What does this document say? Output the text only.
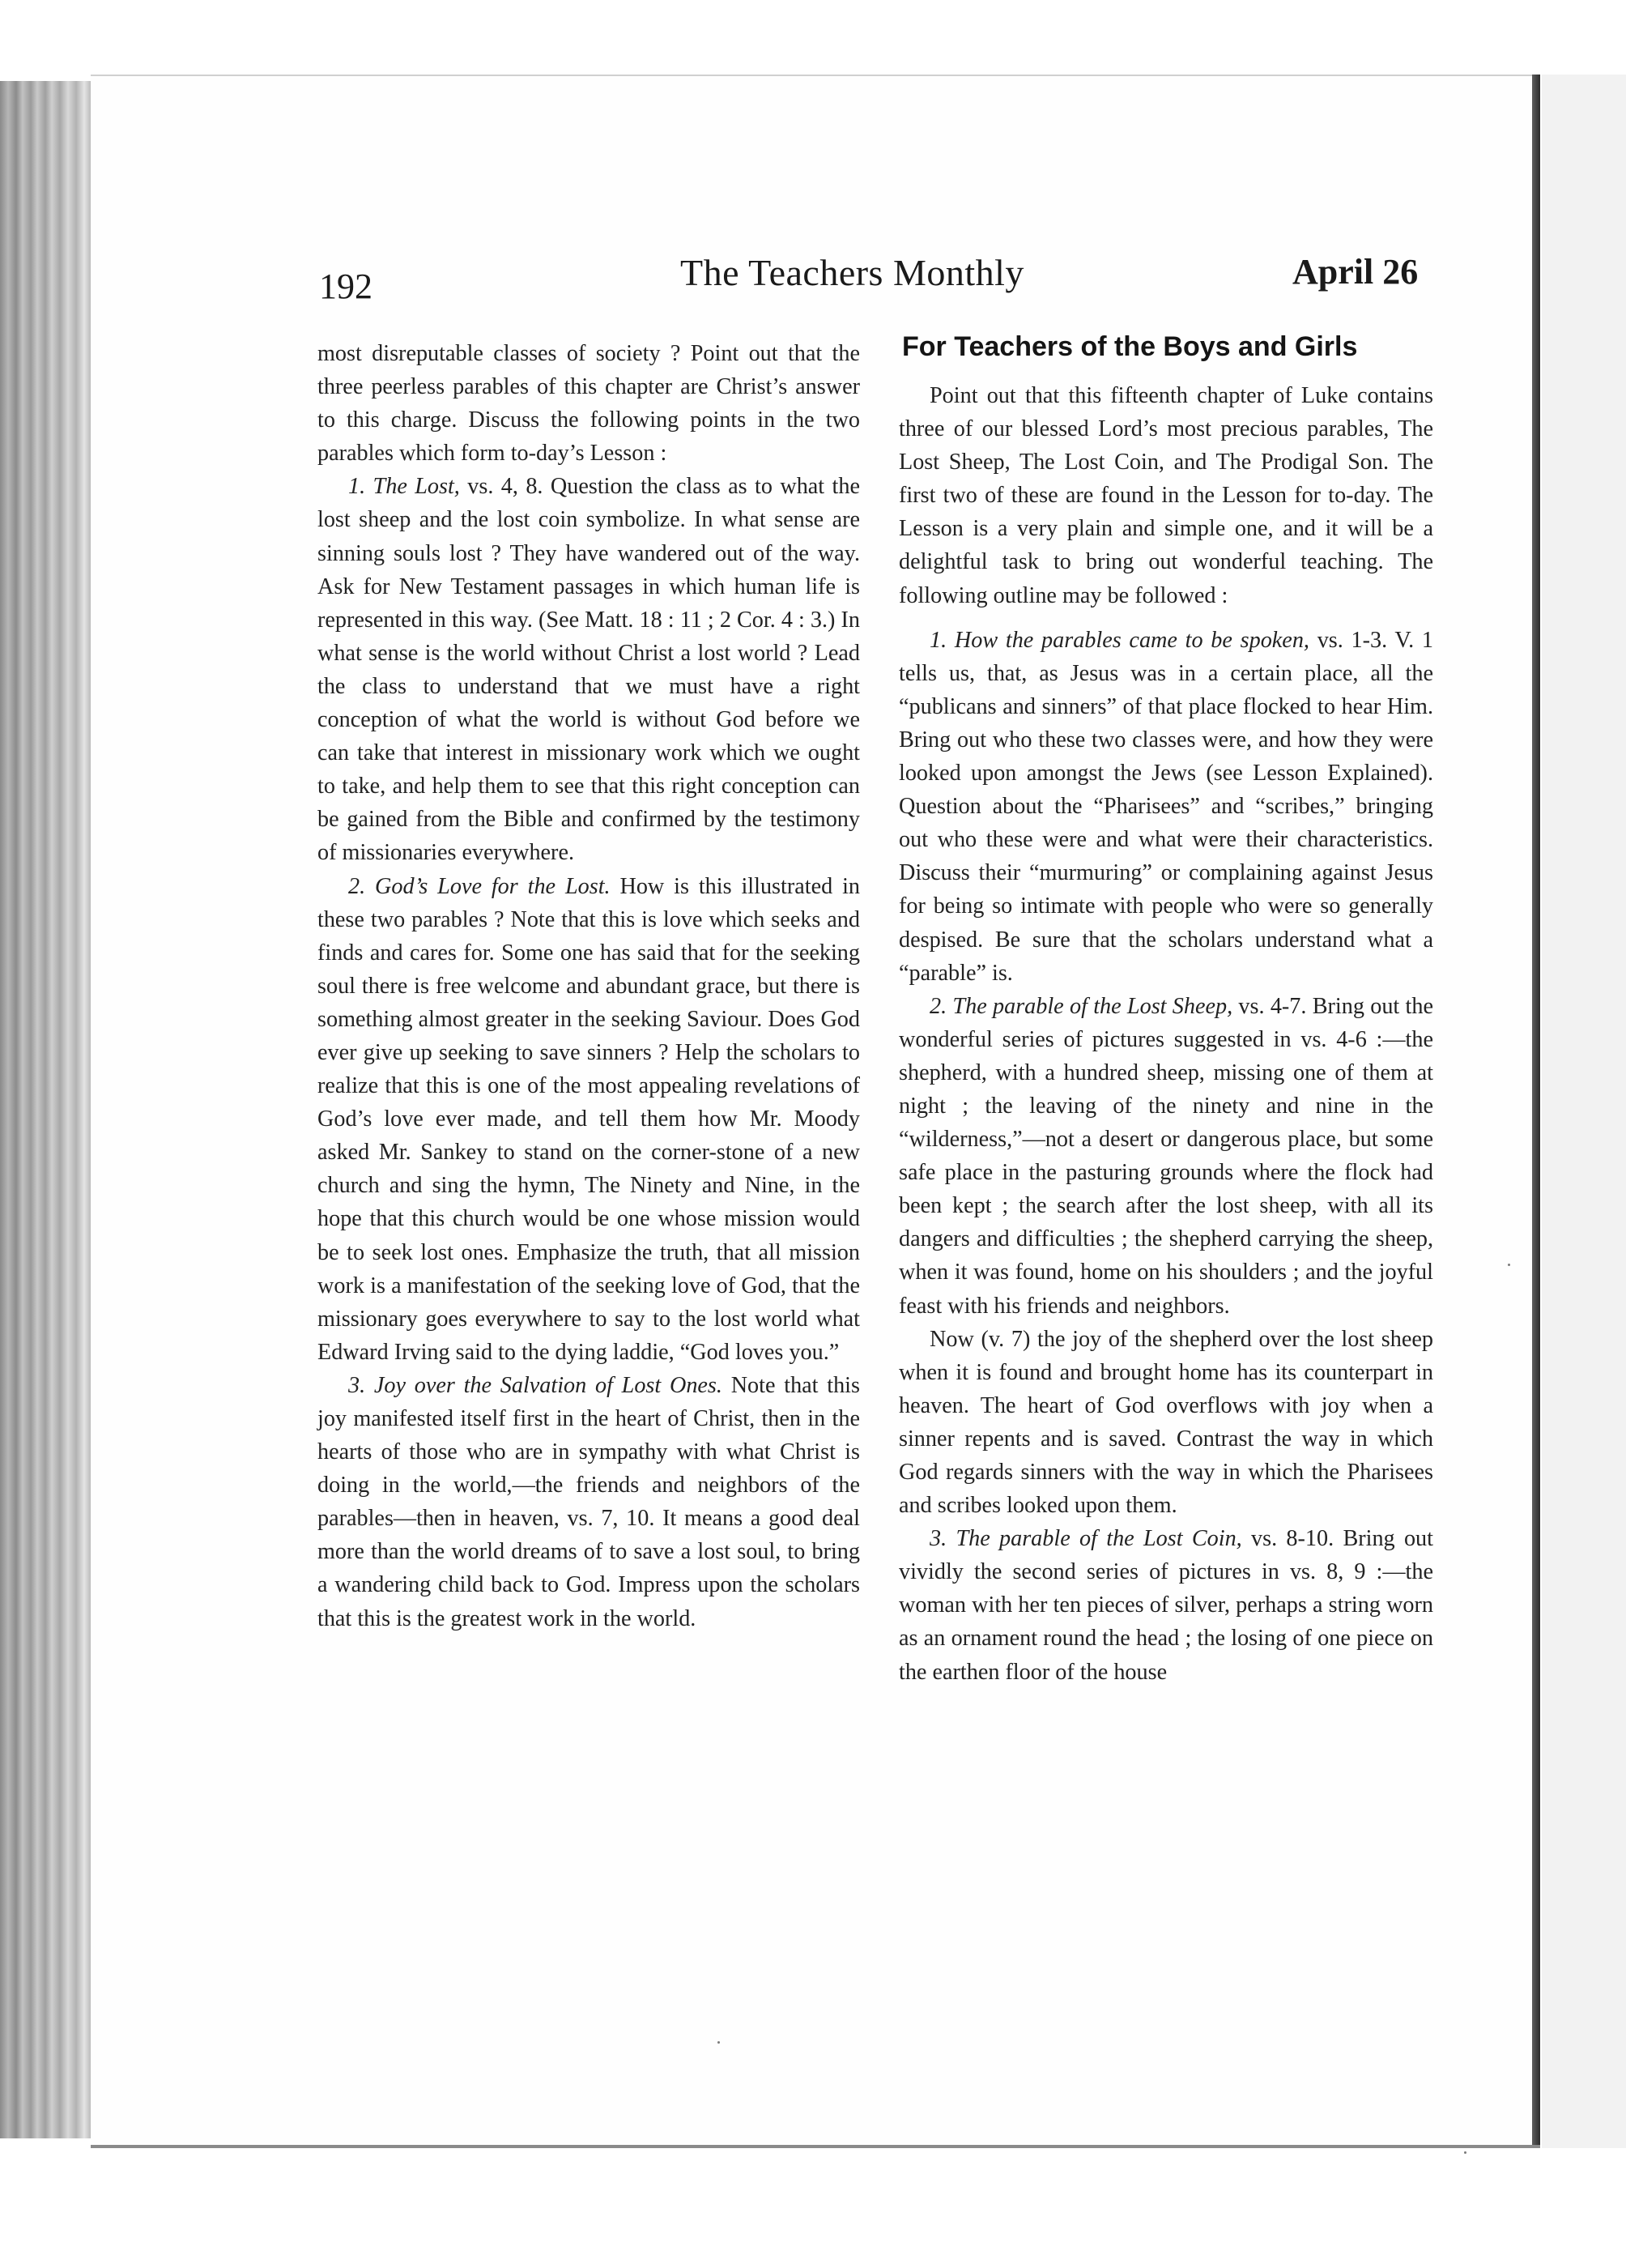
192	The Teachers Monthly	April 26

most disreputable classes of society ? Point out that the three peerless parables of this chapter are Christ’s answer to this charge. Discuss the following points in the two parables which form to-day’s Lesson :

1. The Lost, vs. 4, 8. Question the class as to what the lost sheep and the lost coin symbolize. In what sense are sinning souls lost ? They have wandered out of the way. Ask for New Testament passages in which human life is represented in this way. (See Matt. 18 : 11 ; 2 Cor. 4 : 3.) In what sense is the world without Christ a lost world ? Lead the class to understand that we must have a right conception of what the world is without God before we can take that interest in missionary work which we ought to take, and help them to see that this right conception can be gained from the Bible and confirmed by the testimony of missionaries everywhere.

2. God’s Love for the Lost. How is this illustrated in these two parables ? Note that this is love which seeks and finds and cares for. Some one has said that for the seeking soul there is free welcome and abundant grace, but there is something almost greater in the seeking Saviour. Does God ever give up seeking to save sinners ? Help the scholars to realize that this is one of the most appealing revelations of God’s love ever made, and tell them how Mr. Moody asked Mr. Sankey to stand on the corner-stone of a new church and sing the hymn, The Ninety and Nine, in the hope that this church would be one whose mission would be to seek lost ones. Emphasize the truth, that all mission work is a manifestation of the seeking love of God, that the missionary goes everywhere to say to the lost world what Edward Irving said to the dying laddie, “God loves you.”

3. Joy over the Salvation of Lost Ones. Note that this joy manifested itself first in the heart of Christ, then in the hearts of those who are in sympathy with what Christ is doing in the world,—the friends and neighbors of the parables—then in heaven, vs. 7, 10. It means a good deal more than the world dreams of to save a lost soul, to bring a wandering child back to God. Impress upon the scholars that this is the greatest work in the world.

For Teachers of the Boys and Girls

Point out that this fifteenth chapter of Luke contains three of our blessed Lord’s most precious parables, The Lost Sheep, The Lost Coin, and The Prodigal Son. The first two of these are found in the Lesson for to-day. The Lesson is a very plain and simple one, and it will be a delightful task to bring out wonderful teaching. The following outline may be followed :

1. How the parables came to be spoken, vs. 1-3. V. 1 tells us, that, as Jesus was in a certain place, all the “publicans and sinners” of that place flocked to hear Him. Bring out who these two classes were, and how they were looked upon amongst the Jews (see Lesson Explained). Question about the “Pharisees” and “scribes,” bringing out who these were and what were their characteristics. Discuss their “murmuring” or complaining against Jesus for being so intimate with people who were so generally despised. Be sure that the scholars understand what a “parable” is.

2. The parable of the Lost Sheep, vs. 4-7. Bring out the wonderful series of pictures suggested in vs. 4-6 :—the shepherd, with a hundred sheep, missing one of them at night ; the leaving of the ninety and nine in the “wilderness,”—not a desert or dangerous place, but some safe place in the pasturing grounds where the flock had been kept ; the search after the lost sheep, with all its dangers and difficulties ; the shepherd carrying the sheep, when it was found, home on his shoulders ; and the joyful feast with his friends and neighbors.

Now (v. 7) the joy of the shepherd over the lost sheep when it is found and brought home has its counterpart in heaven. The heart of God overflows with joy when a sinner repents and is saved. Contrast the way in which God regards sinners with the way in which the Pharisees and scribes looked upon them.

3. The parable of the Lost Coin, vs. 8-10. Bring out vividly the second series of pictures in vs. 8, 9 :—the woman with her ten pieces of silver, perhaps a string worn as an ornament round the head ; the losing of one piece on the earthen floor of the house
